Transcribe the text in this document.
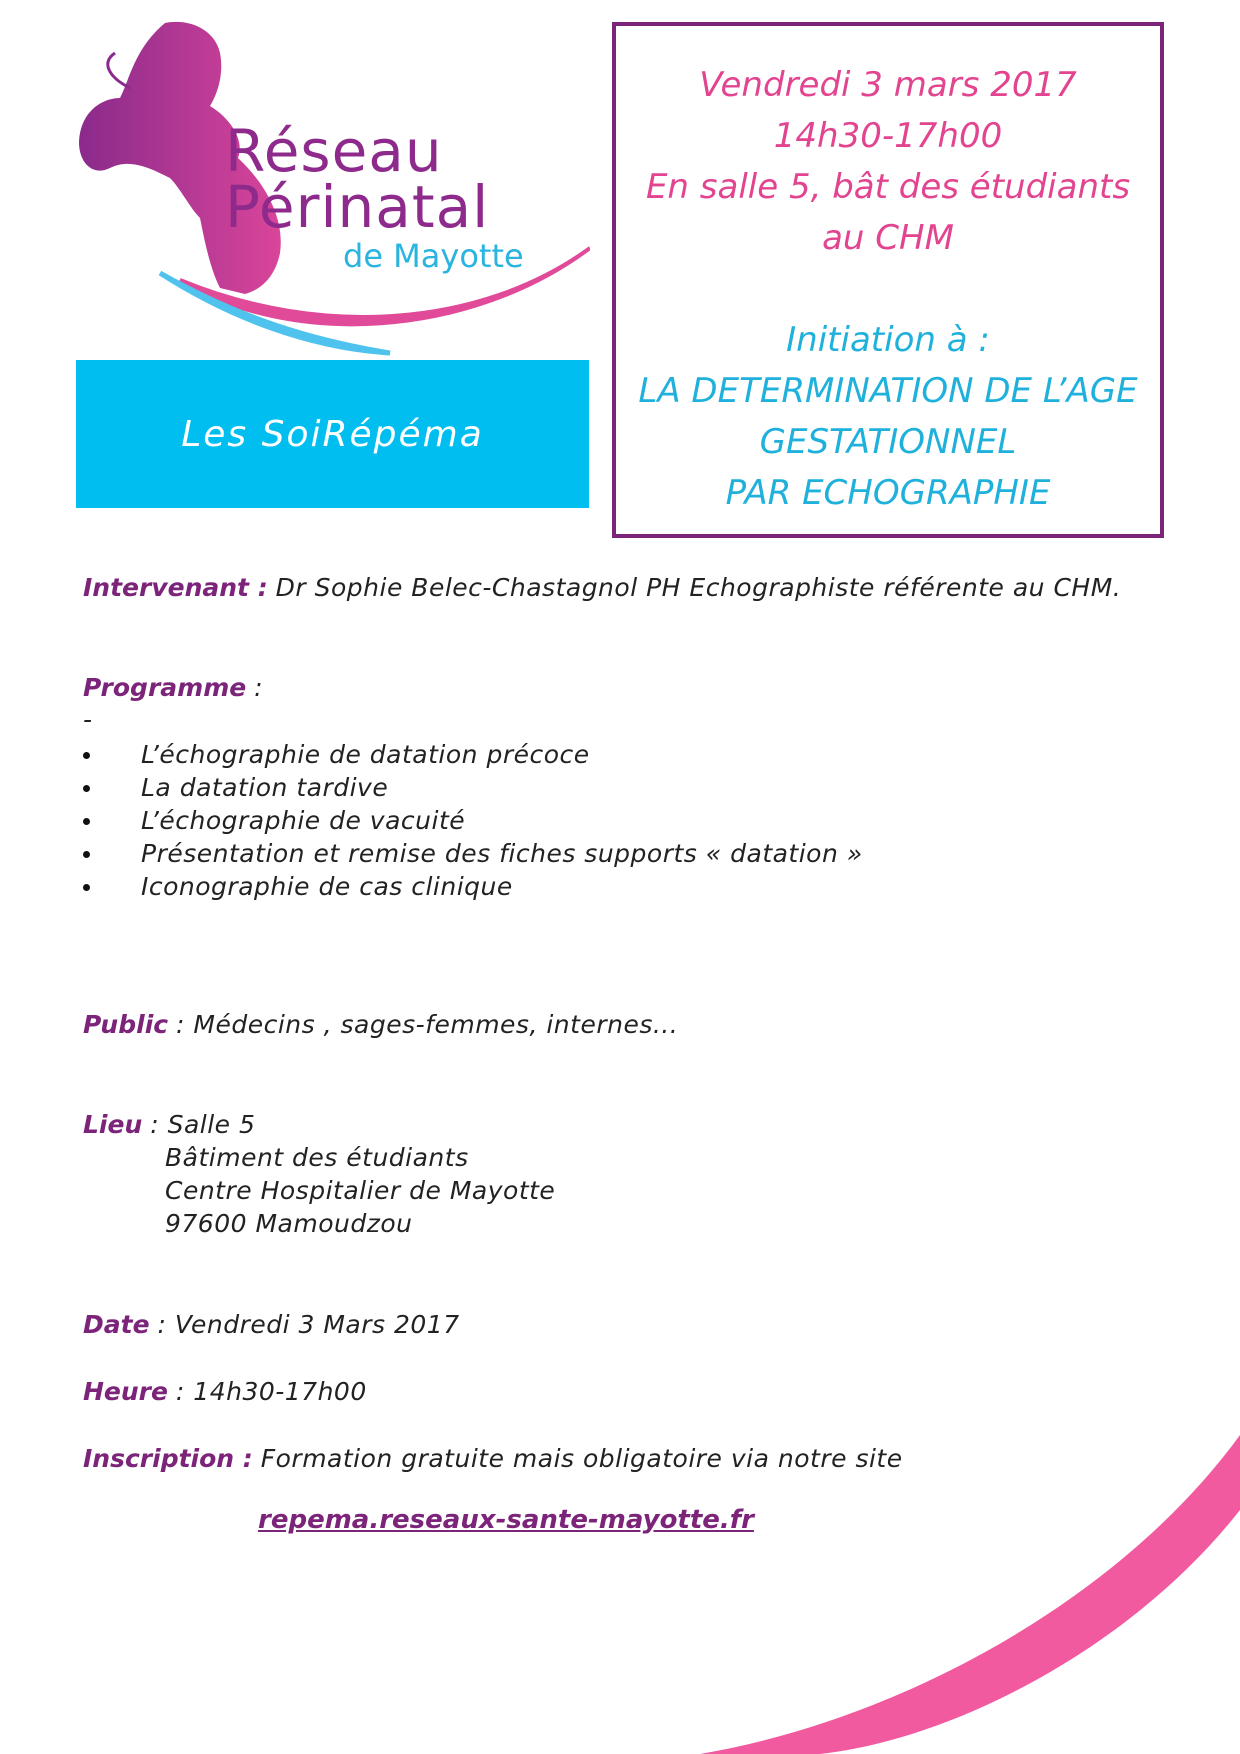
Réseau
Périnatal
de Mayotte
Les SoiRépéma

Vendredi 3 mars 2017

14h30-17h00

En salle 5, bât des étudiants

au CHM

Initiation à :

LA DETERMINATION DE L’AGE

GESTATIONNEL

PAR ECHOGRAPHIE

Intervenant : Dr Sophie Belec-Chastagnol PH Echographiste référente au CHM.
Programme :
-
L’échographie de datation précoce
La datation tardive
L’échographie de vacuité
Présentation et remise des fiches supports « datation »
Iconographie de cas clinique
Public : Médecins , sages-femmes, internes...
Lieu : Salle 5
Bâtiment des étudiants
Centre Hospitalier de Mayotte
97600 Mamoudzou
Date : Vendredi 3 Mars 2017
Heure : 14h30-17h00
Inscription : Formation gratuite mais obligatoire via notre site
repema.reseaux-sante-mayotte.fr
